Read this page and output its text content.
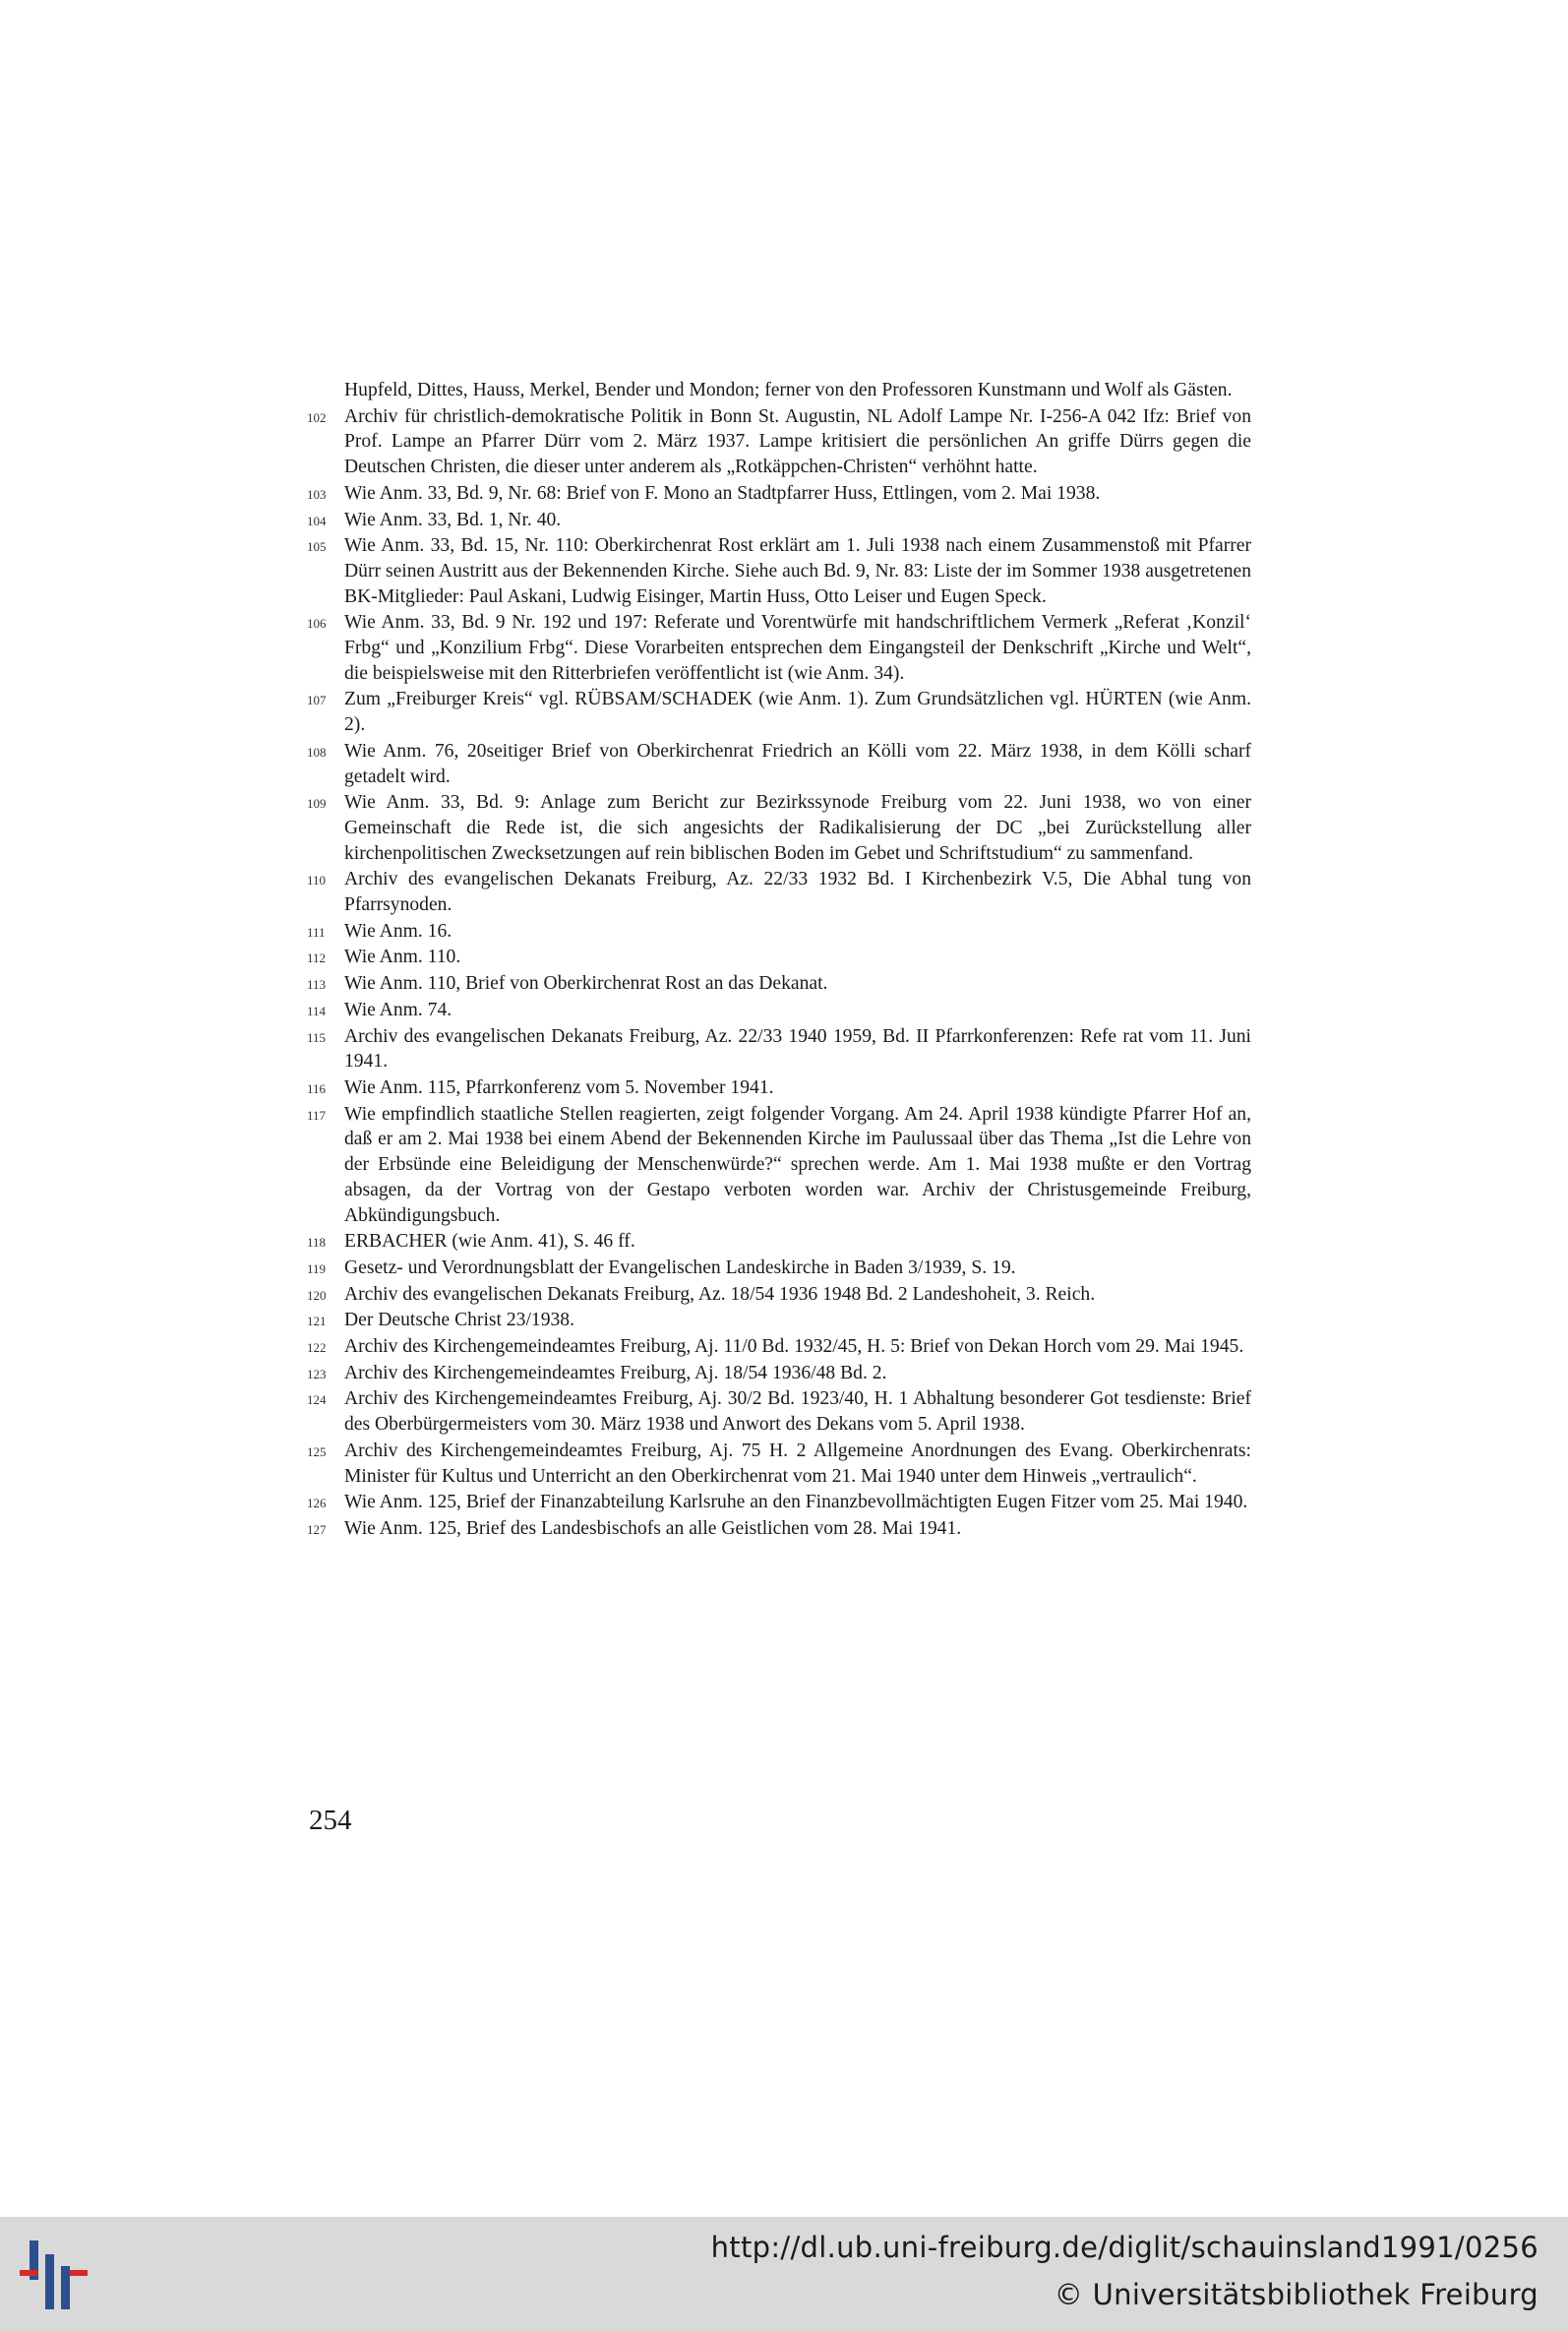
Hupfeld, Dittes, Hauss, Merkel, Bender und Mondon; ferner von den Professoren Kunstmann und Wolf als Gästen.
102 Archiv für christlich-demokratische Politik in Bonn St. Augustin, NL Adolf Lampe Nr. I-256-A 042 Ifz: Brief von Prof. Lampe an Pfarrer Dürr vom 2. März 1937. Lampe kritisiert die persönlichen An griffe Dürrs gegen die Deutschen Christen, die dieser unter anderem als „Rotkäppchen-Christen“ verhöhnt hatte.
103 Wie Anm. 33, Bd. 9, Nr. 68: Brief von F. Mono an Stadtpfarrer Huss, Ettlingen, vom 2. Mai 1938.
104 Wie Anm. 33, Bd. 1, Nr. 40.
105 Wie Anm. 33, Bd. 15, Nr. 110: Oberkirchenrat Rost erklärt am 1. Juli 1938 nach einem Zusammenstoß mit Pfarrer Dürr seinen Austritt aus der Bekennenden Kirche. Siehe auch Bd. 9, Nr. 83: Liste der im Sommer 1938 ausgetretenen BK-Mitglieder: Paul Askani, Ludwig Eisinger, Martin Huss, Otto Leiser und Eugen Speck.
106 Wie Anm. 33, Bd. 9 Nr. 192 und 197: Referate und Vorentwürfe mit handschriftlichem Vermerk „Referat ‚Konzil‘ Frbg“ und „Konzilium Frbg“. Diese Vorarbeiten entsprechen dem Eingangsteil der Denkschrift „Kirche und Welt“, die beispielsweise mit den Ritterbriefen veröffentlicht ist (wie Anm. 34).
107 Zum „Freiburger Kreis“ vgl. RÜBSAM/SCHADEK (wie Anm. 1). Zum Grundsätzlichen vgl. HÜRTEN (wie Anm. 2).
108 Wie Anm. 76, 20seitiger Brief von Oberkirchenrat Friedrich an Kölli vom 22. März 1938, in dem Kölli scharf getadelt wird.
109 Wie Anm. 33, Bd. 9: Anlage zum Bericht zur Bezirkssynode Freiburg vom 22. Juni 1938, wo von einer Gemeinschaft die Rede ist, die sich angesichts der Radikalisierung der DC „bei Zurückstellung aller kirchenpolitischen Zwecksetzungen auf rein biblischen Boden im Gebet und Schriftstudium“ zu sammenfand.
110 Archiv des evangelischen Dekanats Freiburg, Az. 22/33 1932 Bd. I Kirchenbezirk V.5, Die Abhal tung von Pfarrsynoden.
111 Wie Anm. 16.
112 Wie Anm. 110.
113 Wie Anm. 110, Brief von Oberkirchenrat Rost an das Dekanat.
114 Wie Anm. 74.
115 Archiv des evangelischen Dekanats Freiburg, Az. 22/33 1940 1959, Bd. II Pfarrkonferenzen: Refe rat vom 11. Juni 1941.
116 Wie Anm. 115, Pfarrkonferenz vom 5. November 1941.
117 Wie empfindlich staatliche Stellen reagierten, zeigt folgender Vorgang. Am 24. April 1938 kündigte Pfarrer Hof an, daß er am 2. Mai 1938 bei einem Abend der Bekennenden Kirche im Paulussaal über das Thema „Ist die Lehre von der Erbsünde eine Beleidigung der Menschenwürde?“ sprechen werde. Am 1. Mai 1938 mußte er den Vortrag absagen, da der Vortrag von der Gestapo verboten worden war. Archiv der Christusgemeinde Freiburg, Abkündigungsbuch.
118 ERBACHER (wie Anm. 41), S. 46 ff.
119 Gesetz- und Verordnungsblatt der Evangelischen Landeskirche in Baden 3/1939, S. 19.
120 Archiv des evangelischen Dekanats Freiburg, Az. 18/54 1936 1948 Bd. 2 Landeshoheit, 3. Reich.
121 Der Deutsche Christ 23/1938.
122 Archiv des Kirchengemeindeamtes Freiburg, Aj. 11/0 Bd. 1932/45, H. 5: Brief von Dekan Horch vom 29. Mai 1945.
123 Archiv des Kirchengemeindeamtes Freiburg, Aj. 18/54 1936/48 Bd. 2.
124 Archiv des Kirchengemeindeamtes Freiburg, Aj. 30/2 Bd. 1923/40, H. 1 Abhaltung besonderer Got tesdienste: Brief des Oberbürgermeisters vom 30. März 1938 und Anwort des Dekans vom 5. April 1938.
125 Archiv des Kirchengemeindeamtes Freiburg, Aj. 75 H. 2 Allgemeine Anordnungen des Evang. Oberkirchenrats: Minister für Kultus und Unterricht an den Oberkirchenrat vom 21. Mai 1940 unter dem Hinweis „vertraulich“.
126 Wie Anm. 125, Brief der Finanzabteilung Karlsruhe an den Finanzbevollmächtigten Eugen Fitzer vom 25. Mai 1940.
127 Wie Anm. 125, Brief des Landesbischofs an alle Geistlichen vom 28. Mai 1941.
254
http://dl.ub.uni-freiburg.de/diglit/schauinsland1991/0256
© Universitätsbibliothek Freiburg
